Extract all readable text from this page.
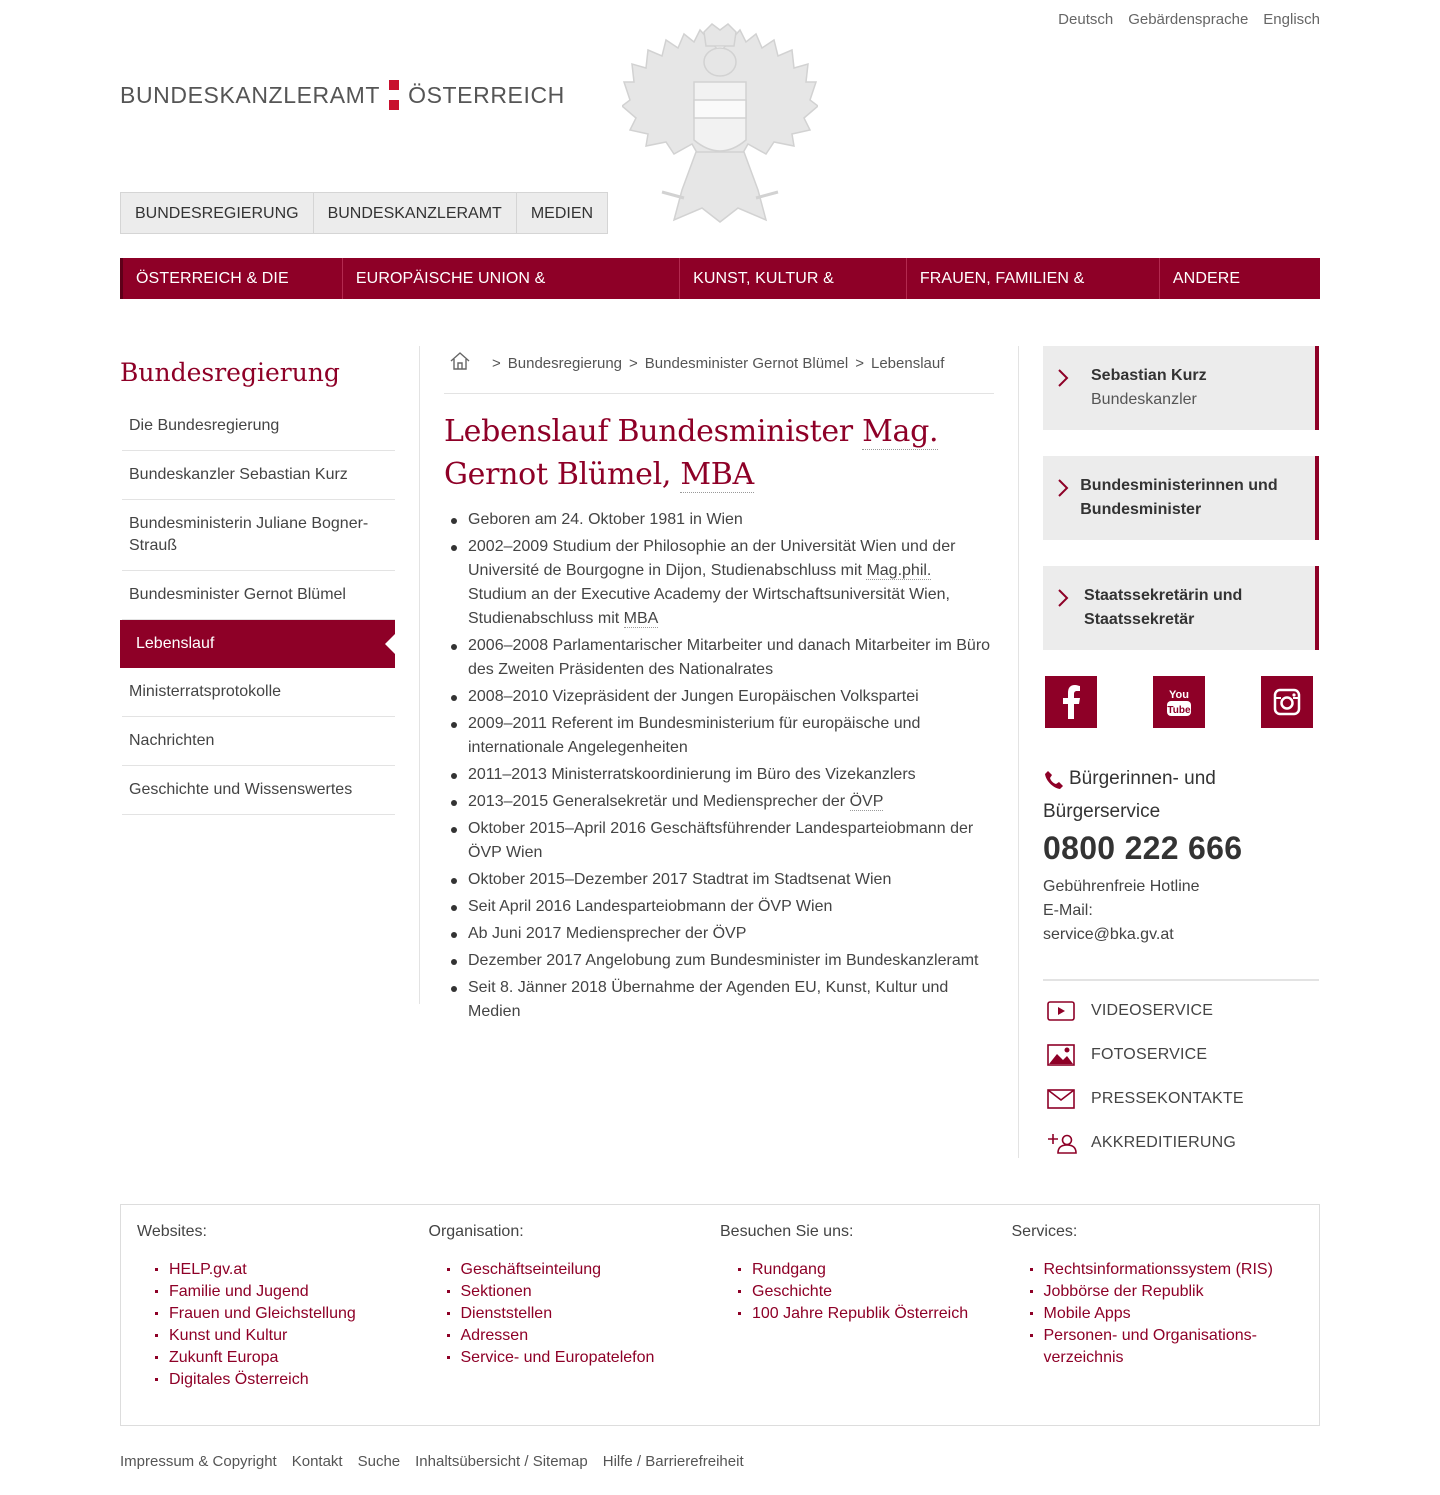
Deutsch Gebärdensprache Englisch
BUNDESKANZLERAMT ÖSTERREICH
BUNDESREGIERUNG	BUNDESKANZLERAMT	MEDIEN
ÖSTERREICH & DIE WELT
EUROPÄISCHE UNION & EUROPAPOLITIK
KUNST, KULTUR & MEDIEN
FRAUEN, FAMILIEN & JUGEND
ANDERE THEMEN
Bundesregierung
Die Bundesregierung
Bundeskanzler Sebastian Kurz
Bundesministerin Juliane Bogner-Strauß
Bundesminister Gernot Blümel
Lebenslauf
Ministerratsprotokolle
Nachrichten
Geschichte und Wissenswertes
> Bundesregierung > Bundesminister Gernot Blümel > Lebenslauf
Lebenslauf Bundesminister Mag. Gernot Blümel, MBA
Geboren am 24. Oktober 1981 in Wien
2002–2009 Studium der Philosophie an der Universität Wien und der Université de Bourgogne in Dijon, Studienabschluss mit Mag.phil. Studium an der Executive Academy der Wirtschaftsuniversität Wien, Studienabschluss mit MBA
2006–2008 Parlamentarischer Mitarbeiter und danach Mitarbeiter im Büro des Zweiten Präsidenten des Nationalrates
2008–2010 Vizepräsident der Jungen Europäischen Volkspartei
2009–2011 Referent im Bundesministerium für europäische und internationale Angelegenheiten
2011–2013 Ministerratskoordinierung im Büro des Vizekanzlers
2013–2015 Generalsekretär und Mediensprecher der ÖVP
Oktober 2015–April 2016 Geschäftsführender Landesparteiobmann der ÖVP Wien
Oktober 2015–Dezember 2017 Stadtrat im Stadtsenat Wien
Seit April 2016 Landesparteiobmann der ÖVP Wien
Ab Juni 2017 Mediensprecher der ÖVP
Dezember 2017 Angelobung zum Bundesminister im Bundeskanzleramt
Seit 8. Jänner 2018 Übernahme der Agenden EU, Kunst, Kultur und Medien
Sebastian Kurz
Bundeskanzler
Bundesministerinnen und Bundesminister
Staatssekretärin und Staatssekretär
You
Tube
Bürgerinnen- und
Bürgerservice
0800 222 666
Gebührenfreie Hotline
E-Mail:
service@bka.gv.at
VIDEOSERVICE
FOTOSERVICE
PRESSEKONTAKTE
AKKREDITIERUNG
Websites:
HELP.gv.at
Familie und Jugend
Frauen und Gleichstellung
Kunst und Kultur
Zukunft Europa
Digitales Österreich
Organisation:
Geschäftseinteilung
Sektionen
Dienststellen
Adressen
Service- und Europatelefon
Besuchen Sie uns:
Rundgang
Geschichte
100 Jahre Republik Österreich
Services:
Rechtsinformationssystem (RIS)
Jobbörse der Republik
Mobile Apps
Personen- und Organisations- verzeichnis
Impressum & Copyright Kontakt Suche Inhaltsübersicht / Sitemap Hilfe / Barrierefreiheit
